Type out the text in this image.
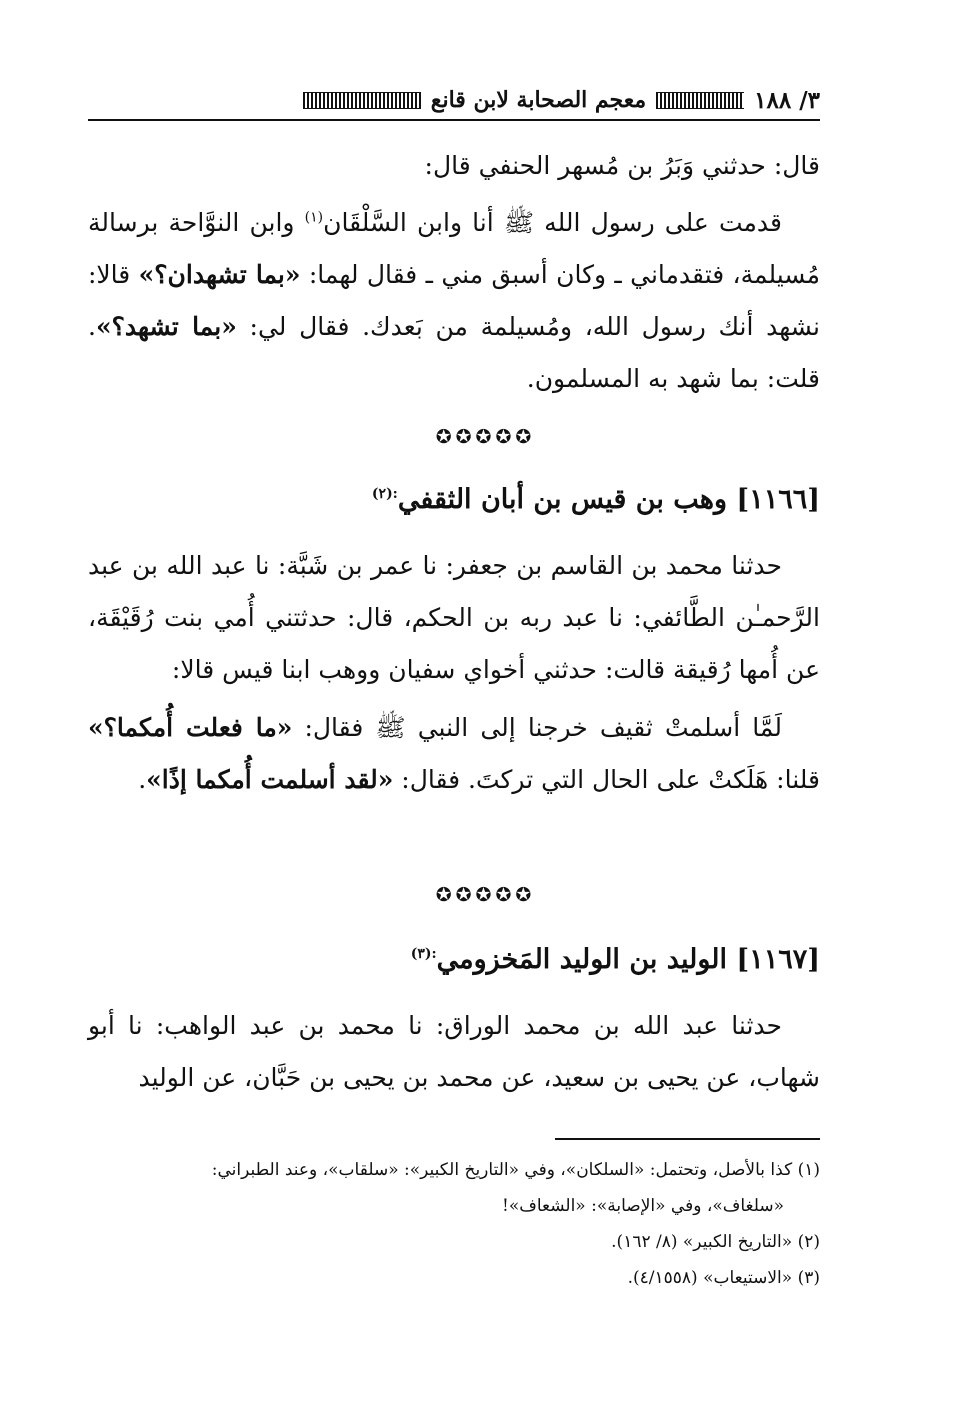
٣/ ١٨٨
معجم الصحابة لابن قانع

قال: حدثني وَبَرُ بن مُسهر الحنفي قال:

قدمت على رسول الله ﷺ أنا وابن السَّلْقَان$^{(١)}$ وابن النوَّاحة برسالة مُسيلمة، فتقدماني ـ وكان أسبق مني ـ فقال لهما: «بما تشهدان؟» قالا: نشهد أنك رسول الله، ومُسيلمة من بَعدك. فقال لي: «بما تشهد؟». قلت: بما شهد به المسلمون.

✪✪✪✪✪
[١١٦٦] وهب بن قيس بن أبان الثقفي$^{:(٢)}$

حدثنا محمد بن القاسم بن جعفر: نا عمر بن شَبَّة: نا عبد الله بن عبد الرَّحمـٰن الطَّائفي: نا عبد ربه بن الحكم، قال: حدثتني أُمي بنت رُقَيْقَة، عن أُمها رُقيقة قالت: حدثني أخواي سفيان ووهب ابنا قيس قالا:

لَمَّا أسلمتْ ثقيف خرجنا إلى النبي ﷺ فقال: «ما فعلت أُمكما؟» قلنا: هَلَكتْ على الحال التي تركتَ. فقال: «لقد أسلمت أُمكما إذًا».

✪✪✪✪✪
[١١٦٧] الوليد بن الوليد المَخزومي$^{:(٣)}$

حدثنا عبد الله بن محمد الوراق: نا محمد بن عبد الواهب: نا أبو شهاب، عن يحيى بن سعيد، عن محمد بن يحيى بن حَبَّان، عن الوليد

(١) كذا بالأصل، وتحتمل: «السلكان»، وفي «التاريخ الكبير»: «سلقاب»، وعند الطبراني:

«سلغاف»، وفي «الإصابة»: «الشعاف»!

(٢) «التاريخ الكبير» (٨/ ١٦٢).

(٣) «الاستيعاب» (٤/١٥٥٨).
